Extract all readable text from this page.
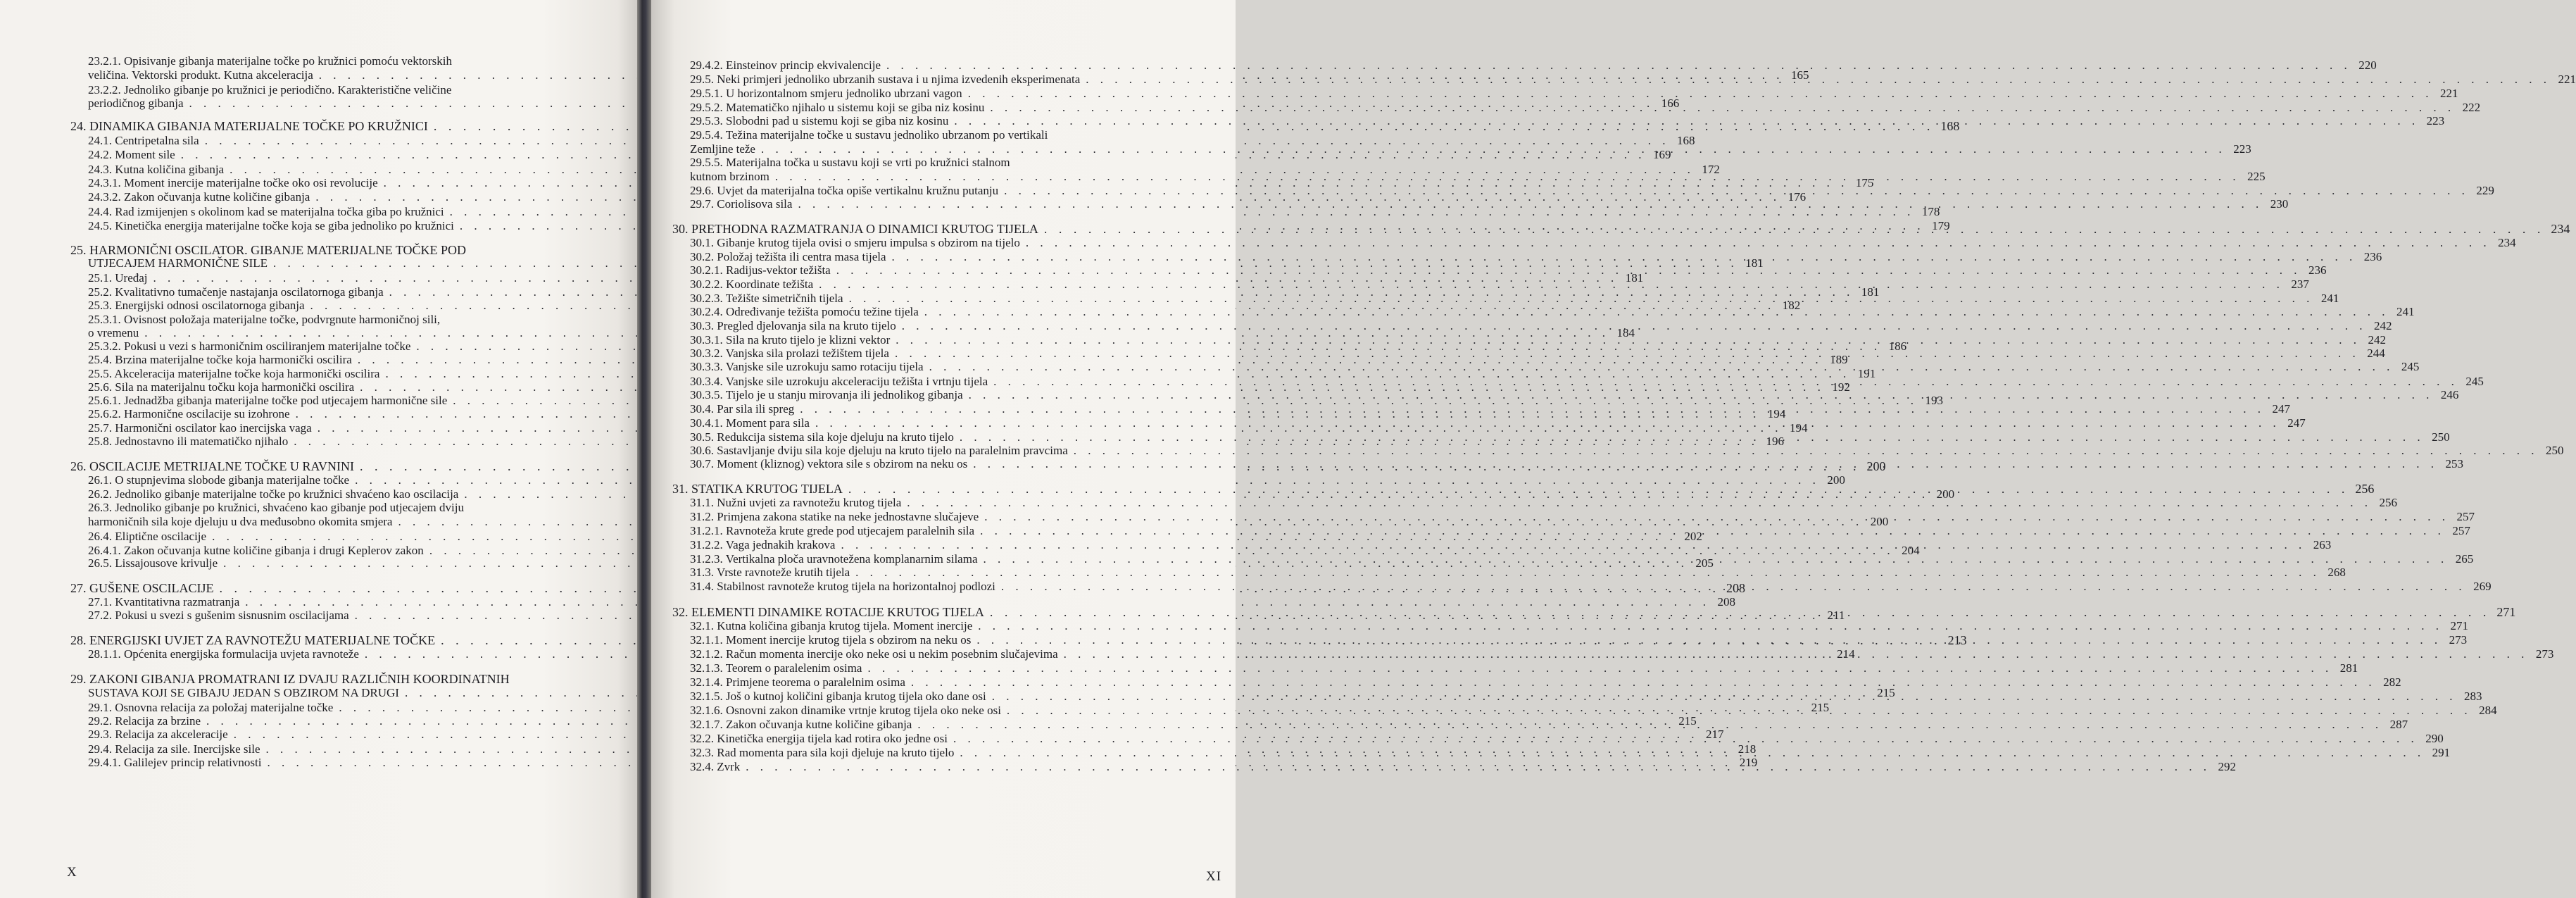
23.2.1. Opisivanje gibanja materijalne točke po kružnici pomoću vektorskih
veličina. Vektorski produkt. Kutna akceleracija . . .	165
23.2.2. Jednoliko gibanje po kružnici je periodično. Karakteristične veličine
periodičnog gibanja . . .	166
24. DINAMIKA GIBANJA MATERIJALNE TOČKE PO KRUŽNICI . . .	168
24.1. Centripetalna sila . . .	168
24.2. Moment sile . . .	169
24.3. Kutna količina gibanja . . .	172
24.3.1. Moment inercije materijalne točke oko osi revolucije . . .	175
24.3.2. Zakon očuvanja kutne količine gibanja . . .	176
24.4. Rad izmijenjen s okolinom kad se materijalna točka giba po kružnici . . .	178
24.5. Kinetička energija materijalne točke koja se giba jednoliko po kružnici . . .	179
25. HARMONIČNI OSCILATOR. GIBANJE MATERIJALNE TOČKE POD
UTJECAJEM HARMONIČNE SILE . . .	181
25.1. Uređaj . . .	181
25.2. Kvalitativno tumačenje nastajanja oscilatornoga gibanja . . .	181
25.3. Energijski odnosi oscilatornoga gibanja . . .	182
25.3.1. Ovisnost položaja materijalne točke, podvrgnute harmoničnoj sili,
o vremenu . . .	184
25.3.2. Pokusi u vezi s harmoničnim osciliranjem materijalne točke . . .	186
25.4. Brzina materijalne točke koja harmonički oscilira . . .	189
25.5. Akceleracija materijalne točke koja harmonički oscilira . . .	191
25.6. Sila na materijalnu točku koja harmonički oscilira . . .	192
25.6.1. Jednadžba gibanja materijalne točke pod utjecajem harmonične sile . . .	193
25.6.2. Harmonične oscilacije su izohrone . . .	194
25.7. Harmonični oscilator kao inercijska vaga . . .	194
25.8. Jednostavno ili matematičko njihalo . . .	196
26. OSCILACIJE METRIJALNE TOČKE U RAVNINI . . .	200
26.1. O stupnjevima slobode gibanja materijalne točke . . .	200
26.2. Jednoliko gibanje materijalne točke po kružnici shvaćeno kao oscilacija . . .	200
26.3. Jednoliko gibanje po kružnici, shvaćeno kao gibanje pod utjecajem dviju
harmoničnih sila koje djeluju u dva međusobno okomita smjera . . .	200
26.4. Eliptične oscilacije . . .	202
26.4.1. Zakon očuvanja kutne količine gibanja i drugi Keplerov zakon . . .	204
26.5. Lissajousove krivulje . . .	205
27. GUŠENE OSCILACIJE . . .	208
27.1. Kvantitativna razmatranja . . .	208
27.2. Pokusi u svezi s gušenim sisnusnim oscilacijama . . .	211
28. ENERGIJSKI UVJET ZA RAVNOTEŽU MATERIJALNE TOČKE . . .	213
28.1.1. Općenita energijska formulacija uvjeta ravnoteže . . .	214
29. ZAKONI GIBANJA PROMATRANI IZ DVAJU RAZLIČNIH KOORDINATNIH
SUSTAVA KOJI SE GIBAJU JEDAN S OBZIROM NA DRUGI . . .	215
29.1. Osnovna relacija za položaj materijalne točke . . .	215
29.2. Relacija za brzine . . .	215
29.3. Relacija za akceleracije . . .	217
29.4. Relacija za sile. Inercijske sile . . .	218
29.4.1. Galilejev princip relativnosti . . .	219
X
29.4.2. Einsteinov princip ekvivalencije . . .	220
29.5. Neki primjeri jednoliko ubrzanih sustava i u njima izvedenih eksperimenata . . .	221
29.5.1. U horizontalnom smjeru jednoliko ubrzani vagon . . .	221
29.5.2. Matematičko njihalo u sistemu koji se giba niz kosinu . . .	222
29.5.3. Slobodni pad u sistemu koji se giba niz kosinu . . .	223
29.5.4. Težina materijalne točke u sustavu jednoliko ubrzanom po vertikali
Zemljine teže . . .	223
29.5.5. Materijalna točka u sustavu koji se vrti po kružnici stalnom
kutnom brzinom . . .	225
29.6. Uvjet da materijalna točka opiše vertikalnu kružnu putanju . . .	229
29.7. Coriolisova sila . . .	230
30. PRETHODNA RAZMATRANJA O DINAMICI KRUTOG TIJELA . . .	234
30.1. Gibanje krutog tijela ovisi o smjeru impulsa s obzirom na tijelo . . .	234
30.2. Položaj težišta ili centra masa tijela . . .	236
30.2.1. Radijus-vektor težišta . . .	236
30.2.2. Koordinate težišta . . .	237
30.2.3. Težište simetričnih tijela . . .	241
30.2.4. Određivanje težišta pomoću težine tijela . . .	241
30.3. Pregled djelovanja sila na kruto tijelo . . .	242
30.3.1. Sila na kruto tijelo je klizni vektor . . .	242
30.3.2. Vanjska sila prolazi težištem tijela . . .	244
30.3.3. Vanjske sile uzrokuju samo rotaciju tijela . . .	245
30.3.4. Vanjske sile uzrokuju akceleraciju težišta i vrtnju tijela . . .	245
30.3.5. Tijelo je u stanju mirovanja ili jednolikog gibanja . . .	246
30.4. Par sila ili spreg . . .	247
30.4.1. Moment para sila . . .	247
30.5. Redukcija sistema sila koje djeluju na kruto tijelo . . .	250
30.6. Sastavljanje dviju sila koje djeluju na kruto tijelo na paralelnim pravcima . . .	250
30.7. Moment (kliznog) vektora sile s obzirom na neku os . . .	253
31. STATIKA KRUTOG TIJELA . . .	256
31.1. Nužni uvjeti za ravnotežu krutog tijela . . .	256
31.2. Primjena zakona statike na neke jednostavne slučajeve . . .	257
31.2.1. Ravnoteža krute grede pod utjecajem paralelnih sila . . .	257
31.2.2. Vaga jednakih krakova . . .	263
31.2.3. Vertikalna ploča uravnotežena komplanarnim silama . . .	265
31.3. Vrste ravnoteže krutih tijela . . .	268
31.4. Stabilnost ravnoteže krutog tijela na horizontalnoj podlozi . . .	269
32. ELEMENTI DINAMIKE ROTACIJE KRUTOG TIJELA . . .	271
32.1. Kutna količina gibanja krutog tijela. Moment inercije . . .	271
32.1.1. Moment inercije krutog tijela s obzirom na neku os . . .	273
32.1.2. Račun momenta inercije oko neke osi u nekim posebnim slučajevima . . .	273
32.1.3. Teorem o paralelenim osima . . .	281
32.1.4. Primjene teorema o paralelnim osima . . .	282
32.1.5. Još o kutnoj količini gibanja krutog tijela oko dane osi . . .	283
32.1.6. Osnovni zakon dinamike vrtnje krutog tijela oko neke osi . . .	284
32.1.7. Zakon očuvanja kutne količine gibanja . . .	287
32.2. Kinetička energija tijela kad rotira oko jedne osi . . .	290
32.3. Rad momenta para sila koji djeluje na kruto tijelo . . .	291
32.4. Zvrk . . .	292
XI
